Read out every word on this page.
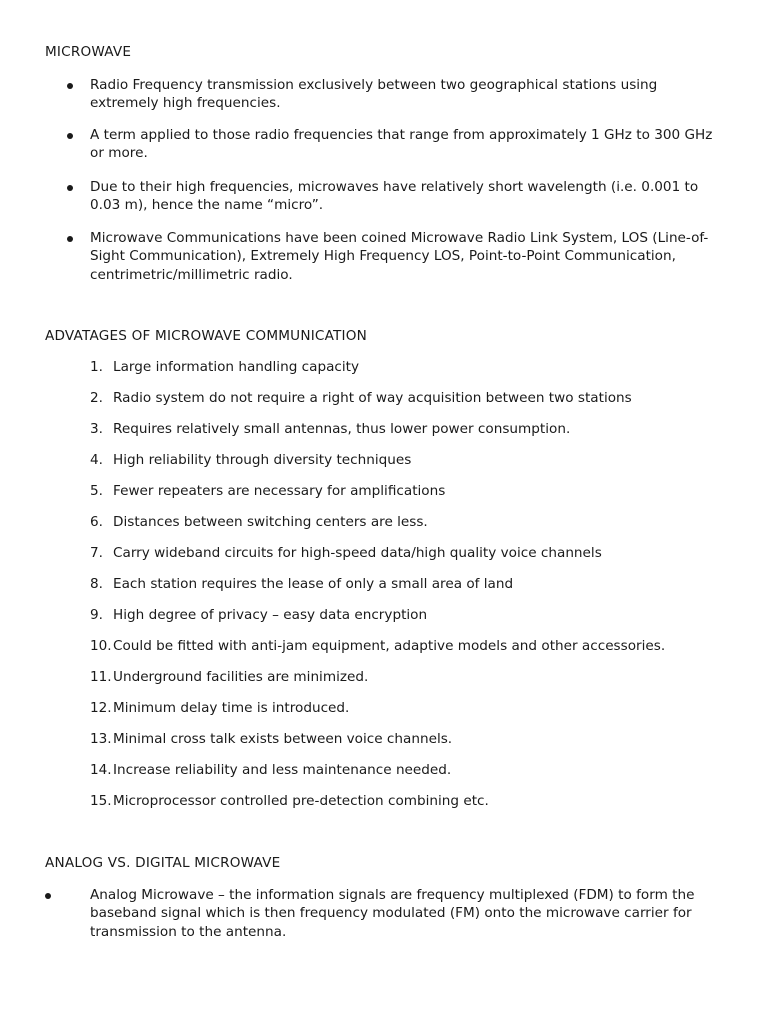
MICROWAVE

Radio Frequency transmission exclusively between two geographical stations using extremely high frequencies.

A term applied to those radio frequencies that range from approximately 1 GHz to 300 GHz or more.

Due to their high frequencies, microwaves have relatively short wavelength (i.e. 0.001 to 0.03 m), hence the name “micro”.

Microwave Communications have been coined Microwave Radio Link System, LOS (Line-of-Sight Communication), Extremely High Frequency LOS, Point-to-Point Communication, centrimetric/millimetric radio.

ADVATAGES OF MICROWAVE COMMUNICATION
1. Large information handling capacity
2. Radio system do not require a right of way acquisition between two stations
3. Requires relatively small antennas, thus lower power consumption.
4. High reliability through diversity techniques
5. Fewer repeaters are necessary for amplifications
6. Distances between switching centers are less.
7. Carry wideband circuits for high-speed data/high quality voice channels
8. Each station requires the lease of only a small area of land
9. High degree of privacy – easy data encryption
10. Could be fitted with anti-jam equipment, adaptive models and other accessories.
11. Underground facilities are minimized.
12. Minimum delay time is introduced.
13. Minimal cross talk exists between voice channels.
14. Increase reliability and less maintenance needed.
15. Microprocessor controlled pre-detection combining etc.
ANALOG VS. DIGITAL MICROWAVE

Analog Microwave – the information signals are frequency multiplexed (FDM) to form the baseband signal which is then frequency modulated (FM) onto the microwave carrier for transmission to the antenna.
